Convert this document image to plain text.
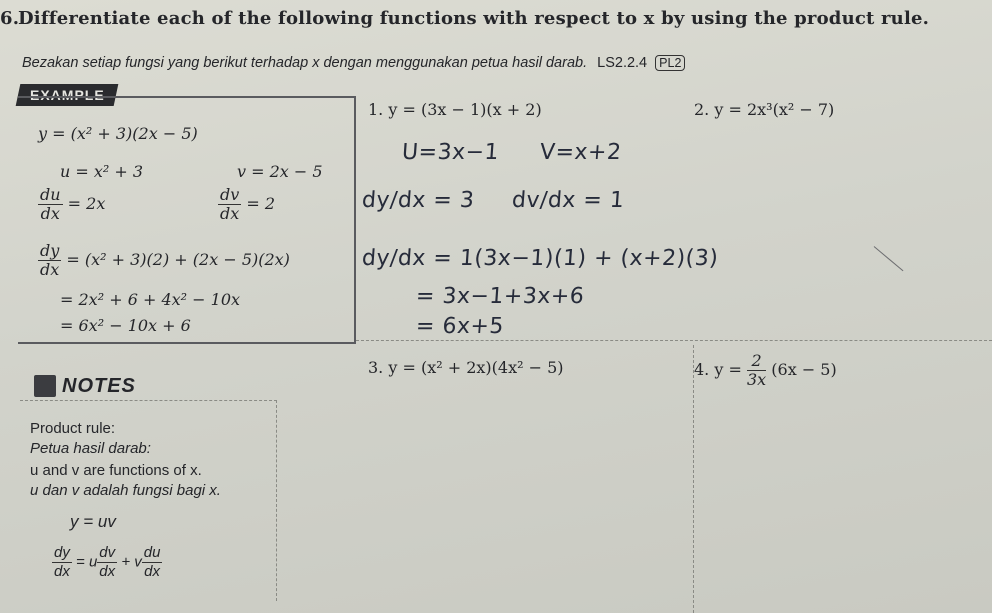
6.
Differentiate each of the following functions with respect to x by using the product rule.
Bezakan setiap fungsi yang berikut terhadap x dengan menggunakan petua hasil darab. LS2.2.4 PL2
EXAMPLE
y = (x² + 3)(2x − 5)
u = x² + 3	v = 2x − 5
$\frac{du}{dx} = 2x$	$\frac{dv}{dx} = 2$
$\frac{dy}{dx} = (x^2 + 3)(2) + (2x - 5)(2x)$
= 2x² + 6 + 4x² − 10x
= 6x² − 10x + 6
1. y = (3x − 1)(x + 2)	2. y = 2x³(x² − 7)
3. y = (x² + 2x)(4x² − 5)	4. $y = \frac{2}{3x} (6x - 5)$
U=3x−1 V=x+2
dy/dx = 3 dv/dx = 1
dy/dx = 1(3x−1)(1) + (x+2)(3)
= 3x−1+3x+6
= 6x+5
NOTES
Product rule:
Petua hasil darab:
u and v are functions of x.
u dan v adalah fungsi bagi x.
y = uv
$\frac{dy}{dx} = u \frac{dv}{dx} + v \frac{du}{dx}$
